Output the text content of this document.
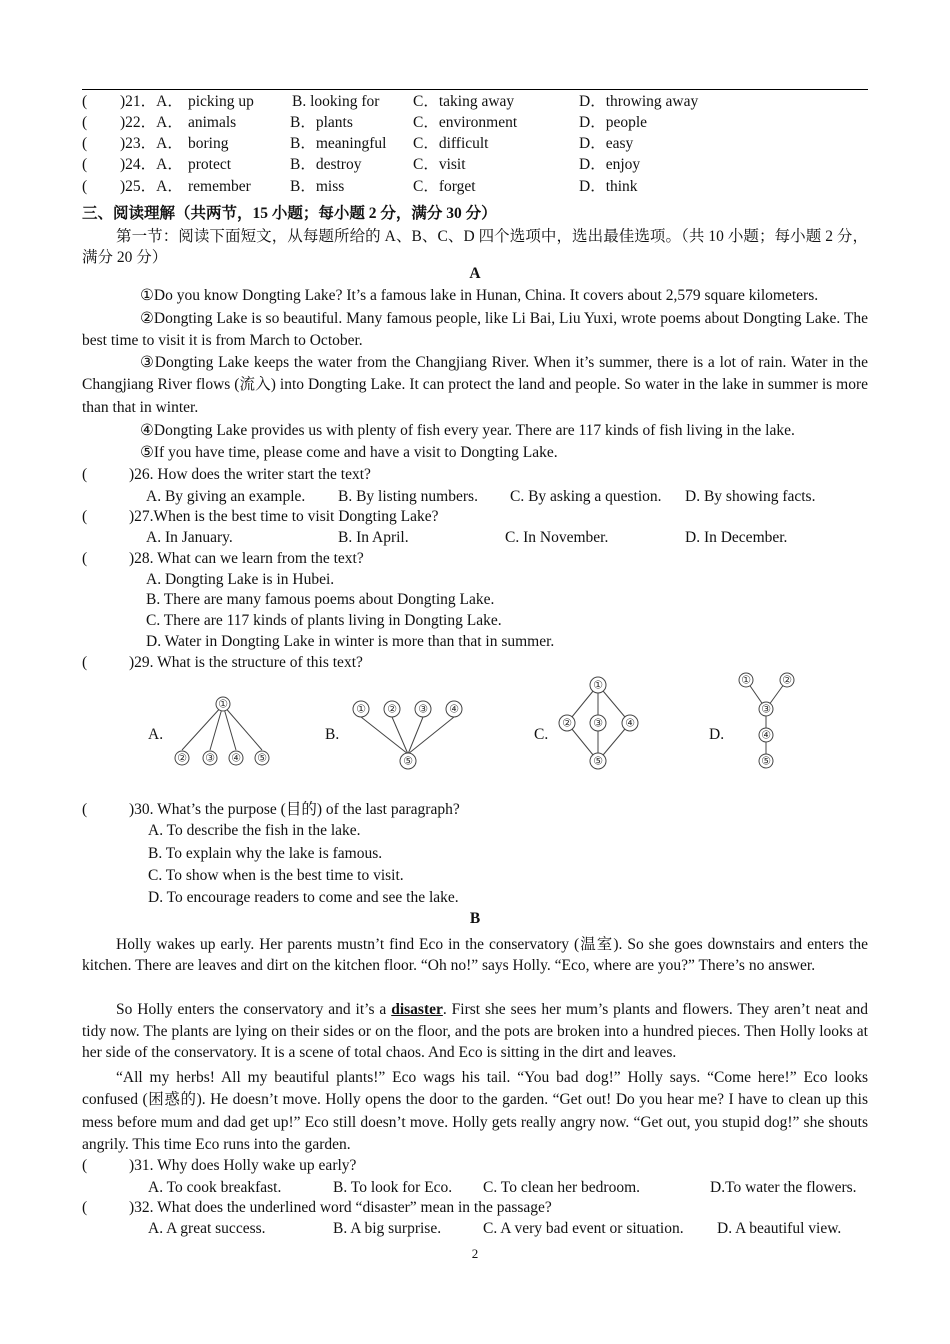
( )21．A． picking up B. looking for C．taking away	D．throwing away
( )22．A． animals	B．plants	C．environment	D．people
( )23．A． boring	B．meaningful C．difficult	D．easy
( )24．A． protect	B．destroy	C．visit	D．enjoy
( )25．A． remember	B．miss	C．forget	D．think
三、阅读理解（共两节，15 小题；每小题 2 分，满分 30 分）
第一节：阅读下面短文，从每题所给的 A、B、C、D 四个选项中，选出最佳选项。（共 10 小题；每小题 2 分，满分 20 分）
A
①Do you know Dongting Lake? It’s a famous lake in Hunan, China. It covers about 2,579 square kilometers.
②Dongting Lake is so beautiful. Many famous people, like Li Bai, Liu Yuxi, wrote poems about Dongting Lake. The best time to visit it is from March to October.
③Dongting Lake keeps the water from the Changjiang River. When it’s summer, there is a lot of rain. Water in the Changjiang River flows (流入) into Dongting Lake. It can protect the land and people. So water in the lake in summer is more than that in winter.
④Dongting Lake provides us with plenty of fish every year. There are 117 kinds of fish living in the lake.
⑤If you have time, please come and have a visit to Dongting Lake.
(	)26. How does the writer start the text?
A. By giving an example. B. By listing numbers. C. By asking a question. D. By showing facts.
(	)27.When is the best time to visit Dongting Lake?
A. In January.	B. In April.	C. In November.	D. In December.
(	)28. What can we learn from the text?
A. Dongting Lake is in Hubei.
B. There are many famous poems about Dongting Lake.
C. There are 117 kinds of plants living in Dongting Lake.
D. Water in Dongting Lake in winter is more than that in summer.
(	)29. What is the structure of this text?
A.
①
② ③ ④ ⑤
B.
① ② ③ ④
⑤
C.
①
② ③ ④
⑤
D.
①	②
③
④
⑤
(	)30. What’s the purpose (目的) of the last paragraph?
A. To describe the fish in the lake.
B. To explain why the lake is famous.
C. To show when is the best time to visit.
D. To encourage readers to come and see the lake.
B
Holly wakes up early. Her parents mustn’t find Eco in the conservatory (温室). So she goes downstairs and enters the kitchen. There are leaves and dirt on the kitchen floor. “Oh no!” says Holly. “Eco, where are you?” There’s no answer.
So Holly enters the conservatory and it’s a disaster. First she sees her mum’s plants and flowers. They aren’t neat and tidy now. The plants are lying on their sides or on the floor, and the pots are broken into a hundred pieces. Then Holly looks at her side of the conservatory. It is a scene of total chaos. And Eco is sitting in the dirt and leaves.
“All my herbs! All my beautiful plants!” Eco wags his tail. “You bad dog!” Holly says. “Come here!” Eco looks confused (困惑的). He doesn’t move. Holly opens the door to the garden. “Get out! Do you hear me? I have to clean up this mess before mum and dad get up!” Eco still doesn’t move. Holly gets really angry now. “Get out, you stupid dog!” she shouts angrily. This time Eco runs into the garden.
(	)31. Why does Holly wake up early?
A. To cook breakfast.	B. To look for Eco. C. To clean her bedroom.	D.To water the flowers.
(	)32. What does the underlined word “disaster” mean in the passage?
A. A great success.	B. A big surprise.	C. A very bad event or situation. D. A beautiful view.
2
